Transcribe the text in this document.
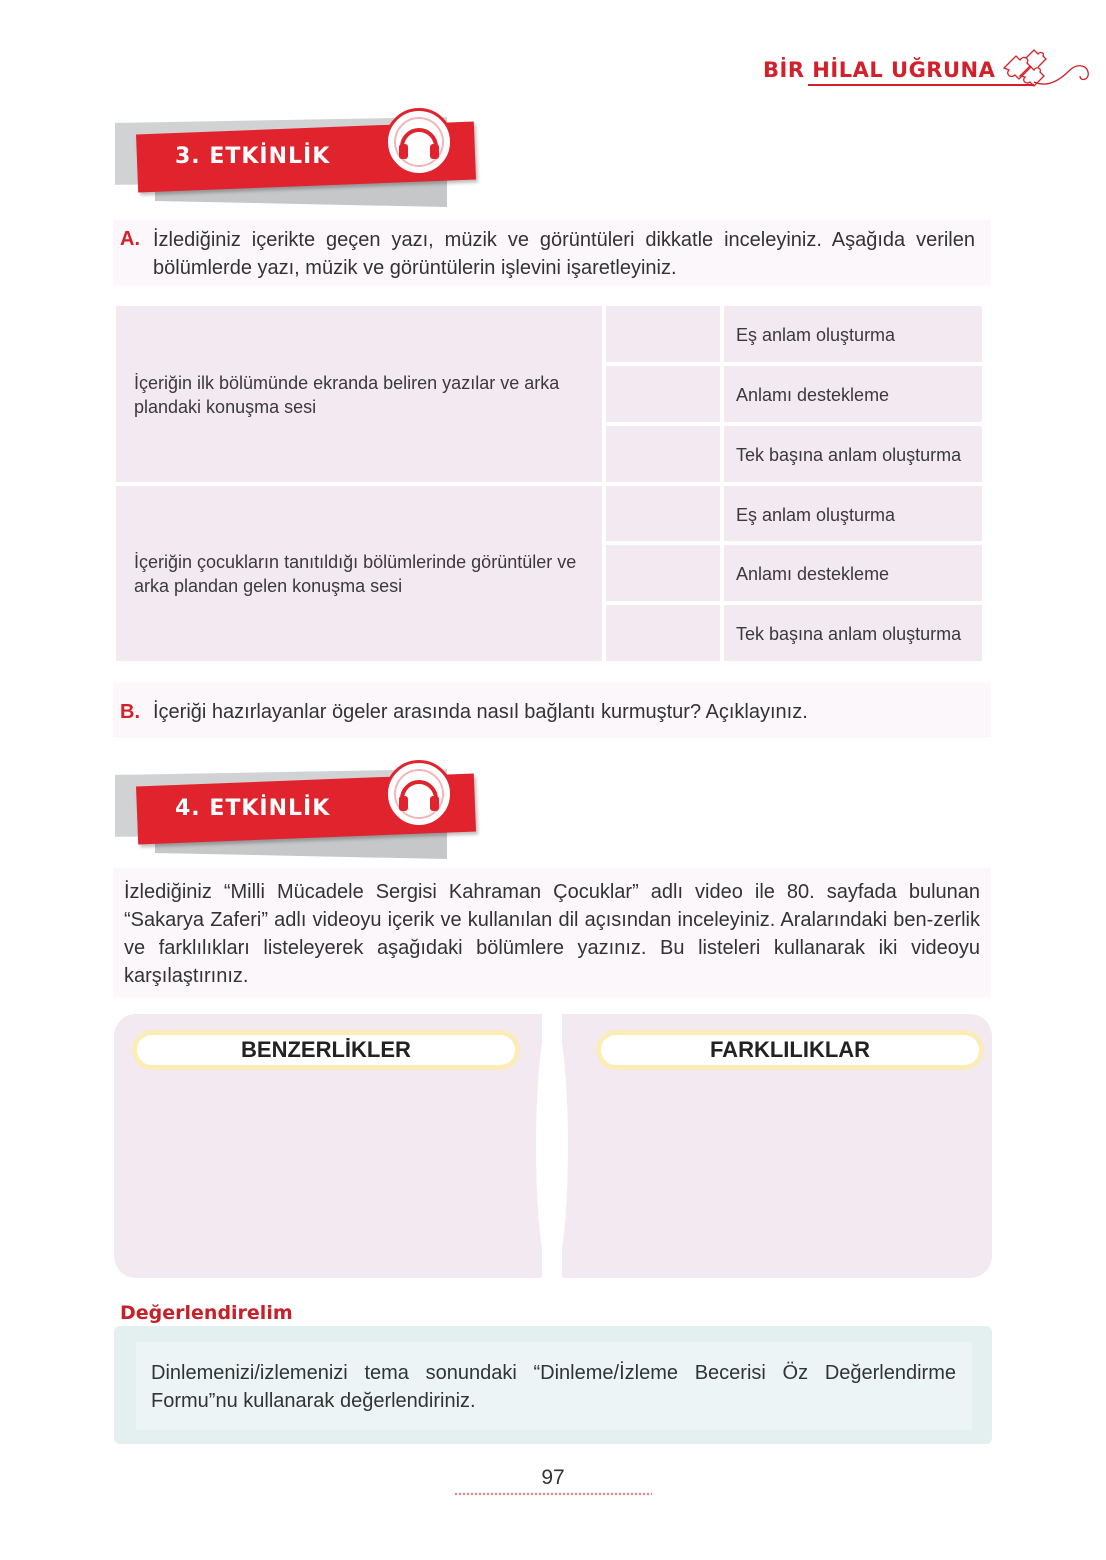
BİR HİLAL UĞRUNA
3. ETKİNLİK
A. İzlediğiniz içerikte geçen yazı, müzik ve görüntüleri dikkatle inceleyiniz. Aşağıda verilen bölümlerde yazı, müzik ve görüntülerin işlevini işaretleyiniz.
İçeriğin ilk bölümünde ekranda beliren yazılar ve arka plandaki konuşma sesi
Eş anlam oluşturma
Anlamı destekleme
Tek başına anlam oluşturma
İçeriğin çocukların tanıtıldığı bölümlerinde görüntüler ve arka plandan gelen konuşma sesi
Eş anlam oluşturma
Anlamı destekleme
Tek başına anlam oluşturma
B. İçeriği hazırlayanlar ögeler arasında nasıl bağlantı kurmuştur? Açıklayınız.
4. ETKİNLİK
İzlediğiniz “Milli Mücadele Sergisi Kahraman Çocuklar” adlı video ile 80. sayfada bulunan “Sakarya Zaferi” adlı videoyu içerik ve kullanılan dil açısından inceleyiniz. Aralarındaki ben-zerlik ve farklılıkları listeleyerek aşağıdaki bölümlere yazınız. Bu listeleri kullanarak iki videoyu karşılaştırınız.
BENZERLİKLER	FARKLILIKLAR
Değerlendirelim
Dinlemenizi/izlemenizi tema sonundaki “Dinleme/İzleme Becerisi Öz Değerlendirme Formu”nu kullanarak değerlendiriniz.
97
